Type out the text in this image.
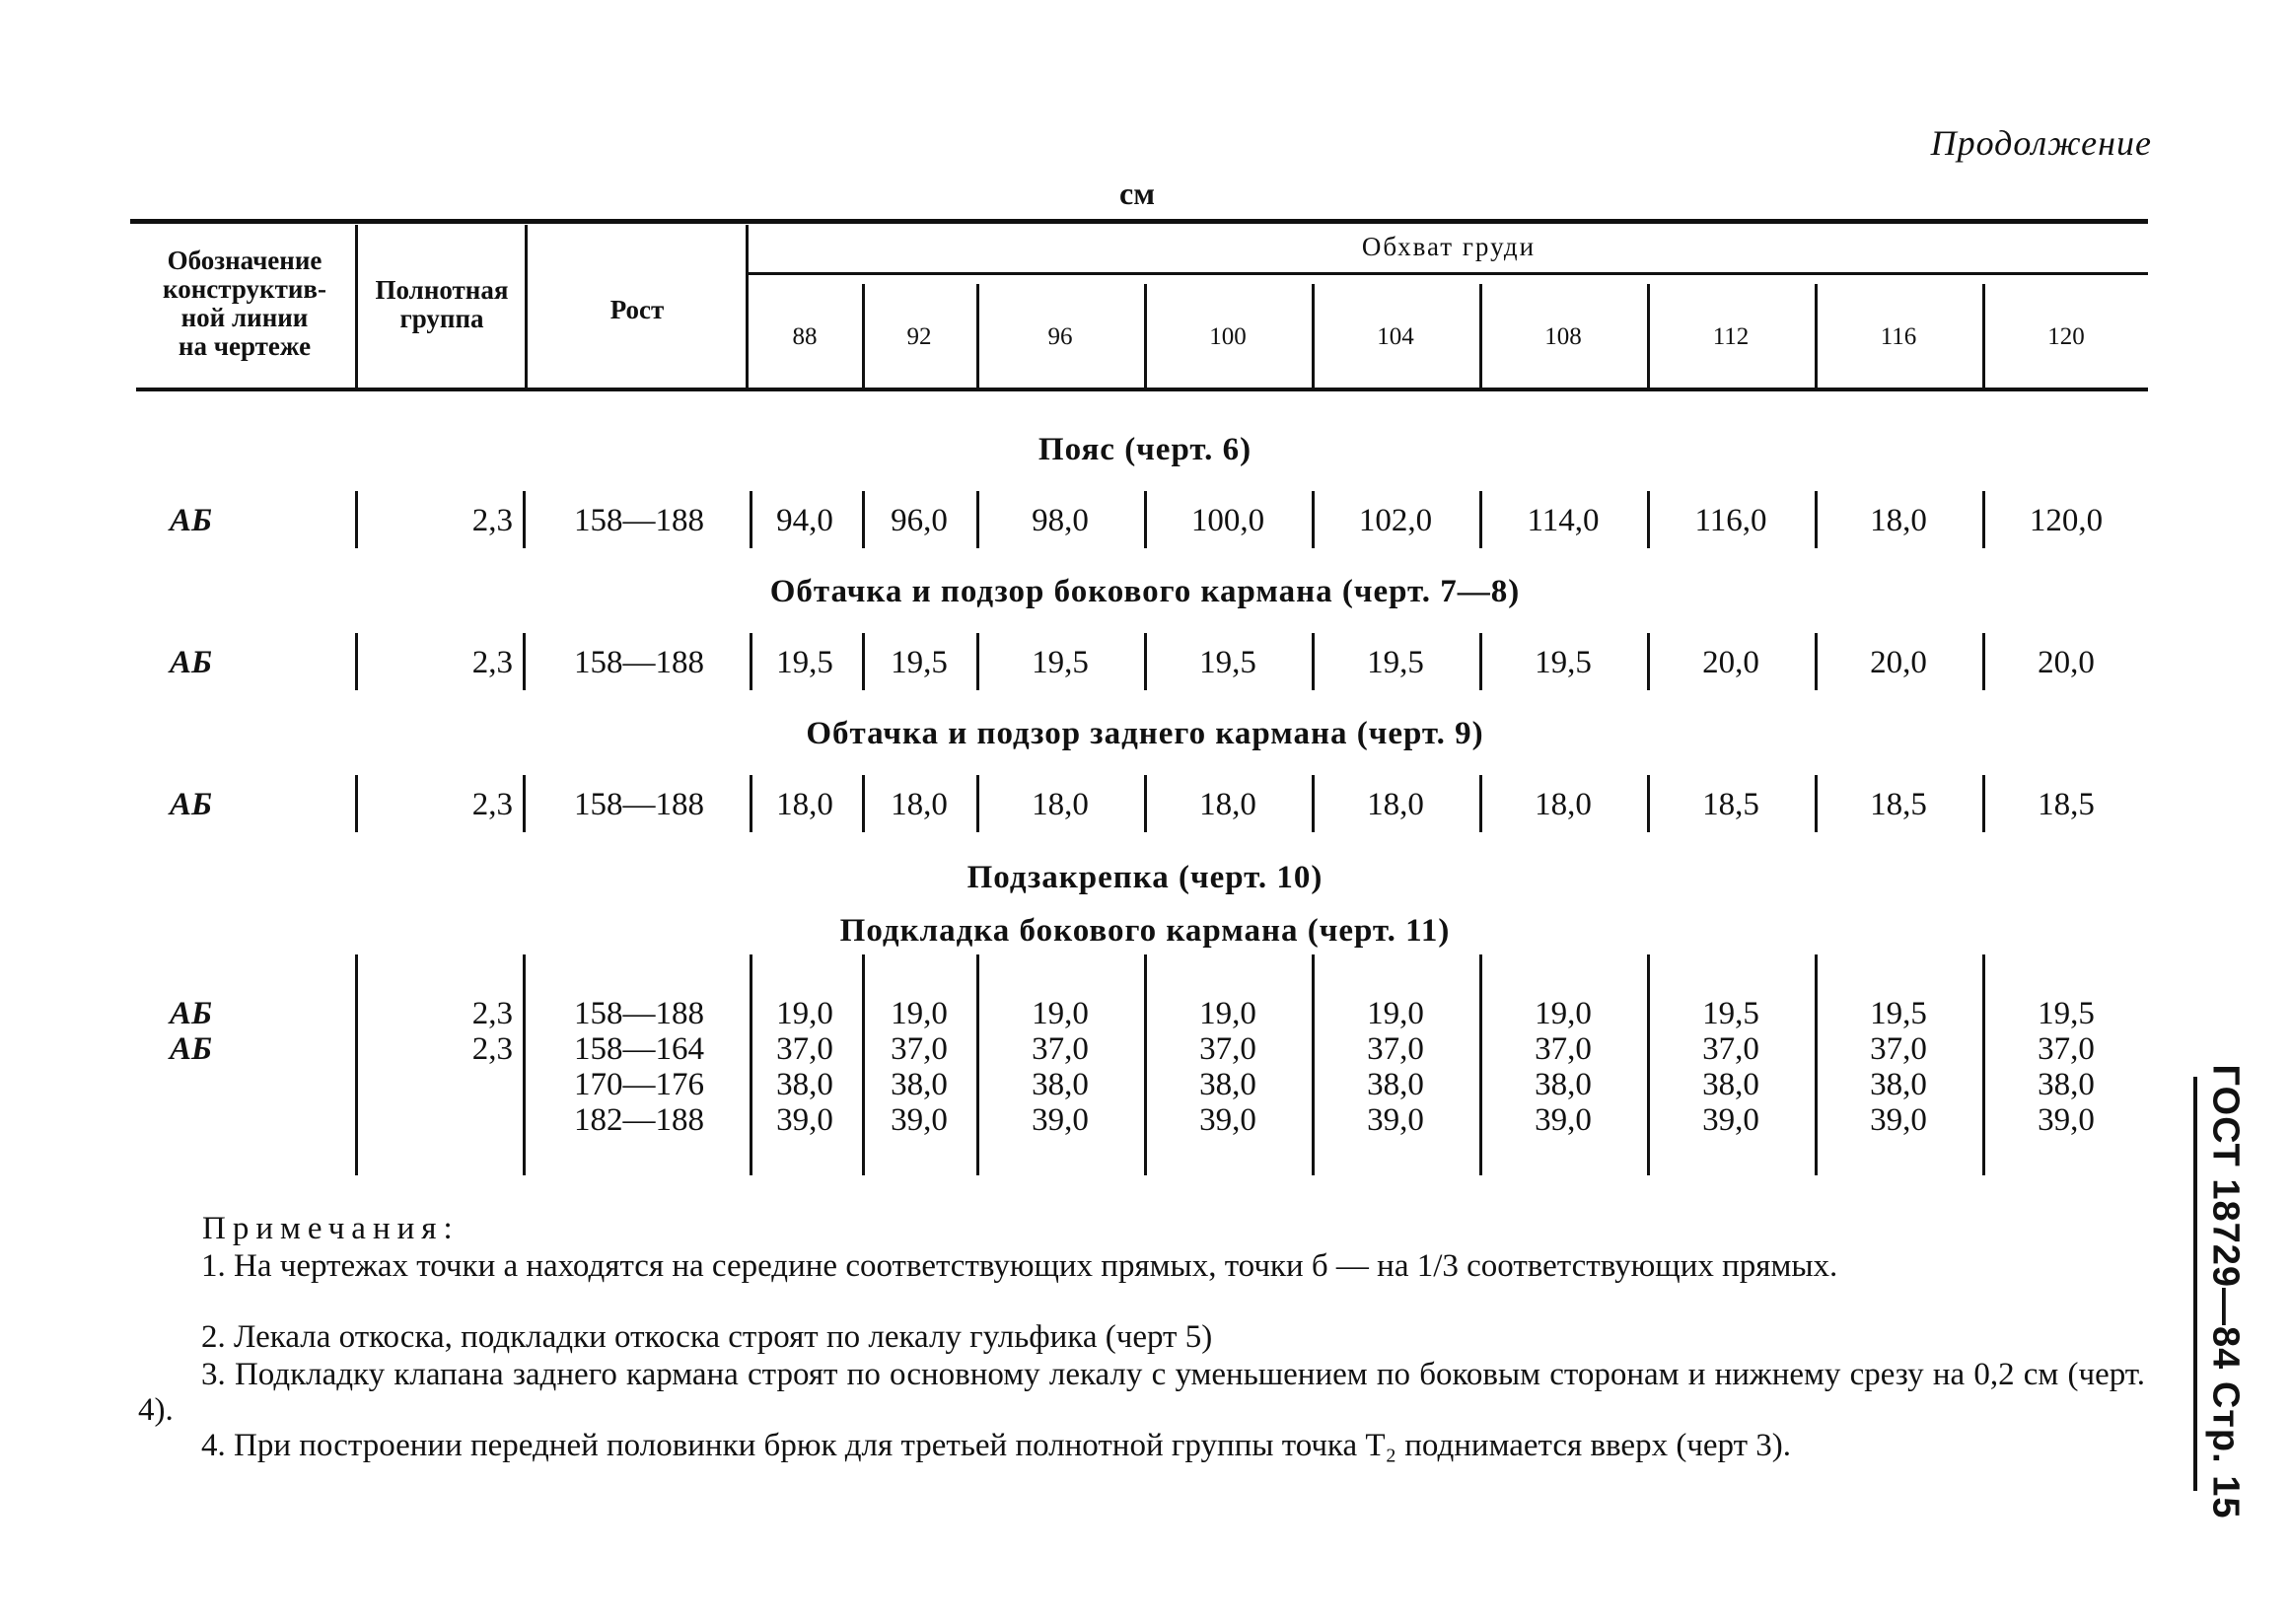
Продолжение
см
Обозначение
конструктив-
ной линии
на чертеже
Полнотная
группа	Рост
Обхват груди
88	92	96	100	104	108	112	116	120
Пояс (черт. 6)
АБ	2,3	158—188	94,0	96,0	98,0	100,0	102,0	114,0	116,0	18,0	120,0
Обтачка и подзор бокового кармана (черт. 7—8)
АБ	2,3	158—188	19,5	19,5	19,5	19,5	19,5	19,5	20,0	20,0	20,0
Обтачка и подзор заднего кармана (черт. 9)
АБ	2,3	158—188	18,0	18,0	18,0	18,0	18,0	18,0	18,5	18,5	18,5
Подзакрепка (черт. 10)
Подкладка бокового кармана (черт. 11)
АБ	2,3	158—188	19,0	19,0	19,0	19,0	19,0	19,0	19,5	19,5	19,5
АБ	2,3	158—164	37,0	37,0	37,0	37,0	37,0	37,0	37,0	37,0	37,0
170—176	38,0	38,0	38,0	38,0	38,0	38,0	38,0	38,0	38,0
182—188	39,0	39,0	39,0	39,0	39,0	39,0	39,0	39,0	39,0
Примечания:
1. На чертежах точки а находятся на середине соответствующих прямых, точки б — на 1/3 соответствующих прямых.
2. Лекала откоска, подкладки откоска строят по лекалу гульфика (черт 5)
3. Подкладку клапана заднего кармана строят по основному лекалу с уменьшением по боковым сторонам и нижнему срезу на 0,2 см (черт. 4).
4. При построении передней половинки брюк для третьей полнотной группы точка Т₂ поднимается вверх (черт 3).	ГОСТ 18729—84 Стр. 15
